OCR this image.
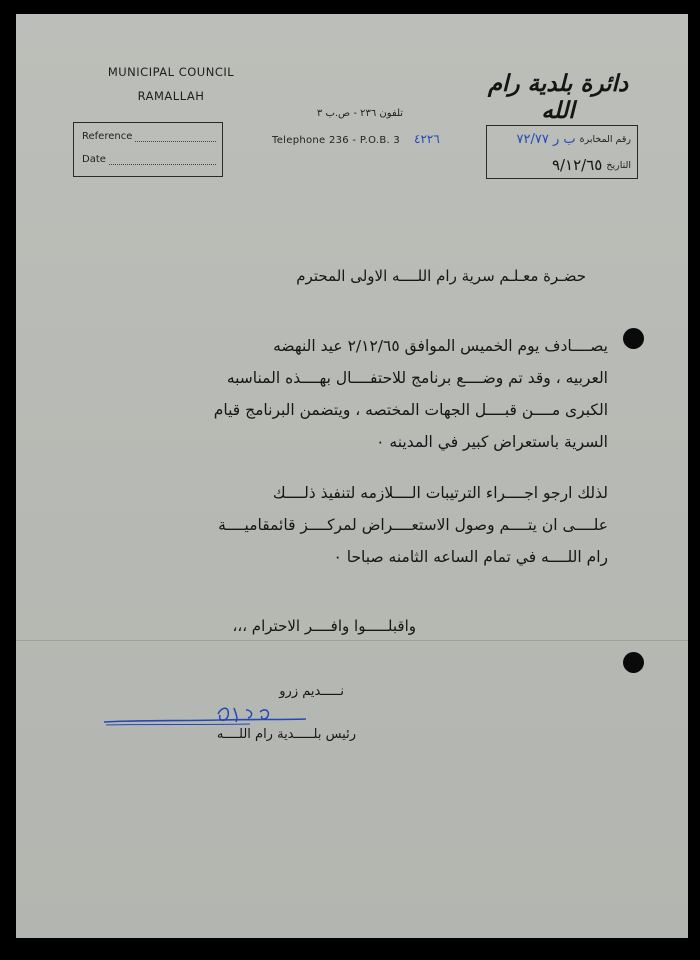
MUNICIPAL COUNCIL
RAMALLAH
Reference
Date
تلفون ٢٣٦ - ص.ب ٣
Telephone 236 - P.O.B. 3 ٤٢٢٦
دائرة بلدية رام الله
رقم المخابرة
ب ر ٧٢/٧٧
التاريخ
٩/١٢/٦٥
حضـرة معـلـم سرية رام اللــــه الاولى المحترم
يصــــادف يوم الخميس الموافق ٢/١٢/٦٥ عيد النهضه
العربيه ، وقد تم وضــــع برنامج للاحتفــــال بهــــذه المناسبه
الكبرى مــــن قبــــل الجهات المختصه ، ويتضمن البرنامج قيام
السرية باستعراض كبير في المدينه ٠
لذلك ارجو اجــــراء الترتيبات الــــلازمه لتنفيذ ذلــــك
علــــى ان يتــــم وصول الاستعــــراض لمركــــز قائمقاميــــة
رام اللــــه في تمام الساعه الثامنه صباحا ٠
واقبلـــــوا وافــــر الاحترام ،،،
نـــــديم زرو
رئيس بلـــــدية رام اللــــه
